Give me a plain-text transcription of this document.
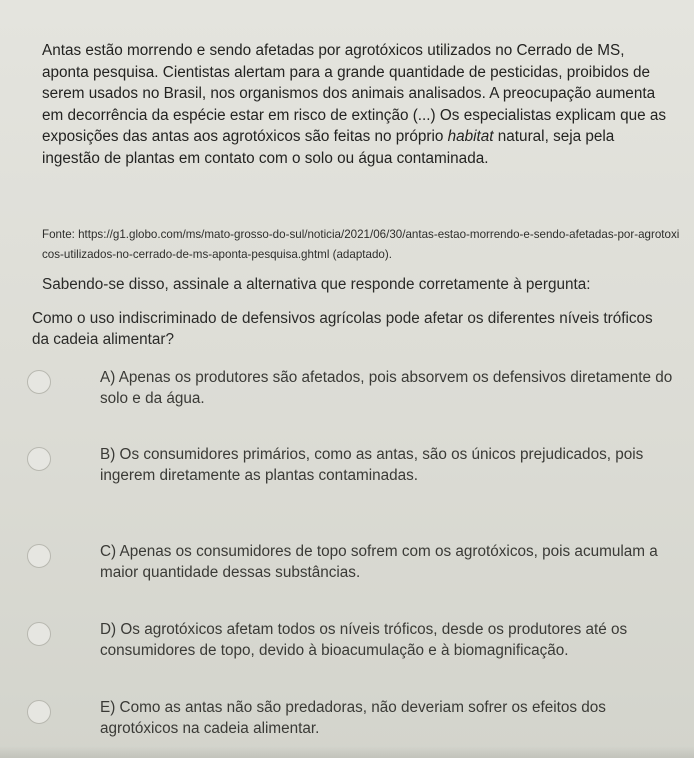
Antas estão morrendo e sendo afetadas por agrotóxicos utilizados no Cerrado de MS, aponta pesquisa. Cientistas alertam para a grande quantidade de pesticidas, proibidos de serem usados no Brasil, nos organismos dos animais analisados. A preocupação aumenta em decorrência da espécie estar em risco de extinção (...) Os especialistas explicam que as exposições das antas aos agrotóxicos são feitas no próprio habitat natural, seja pela ingestão de plantas em contato com o solo ou água contaminada.
Fonte: https://g1.globo.com/ms/mato-grosso-do-sul/noticia/2021/06/30/antas-estao-morrendo-e-sendo-afetadas-por-agrotoxicos-utilizados-no-cerrado-de-ms-aponta-pesquisa.ghtml (adaptado).
Sabendo-se disso, assinale a alternativa que responde corretamente à pergunta:
Como o uso indiscriminado de defensivos agrícolas pode afetar os diferentes níveis tróficos da cadeia alimentar?
A) Apenas os produtores são afetados, pois absorvem os defensivos diretamente do solo e da água.
B) Os consumidores primários, como as antas, são os únicos prejudicados, pois ingerem diretamente as plantas contaminadas.
C) Apenas os consumidores de topo sofrem com os agrotóxicos, pois acumulam a maior quantidade dessas substâncias.
D) Os agrotóxicos afetam todos os níveis tróficos, desde os produtores até os consumidores de topo, devido à bioacumulação e à biomagnificação.
E) Como as antas não são predadoras, não deveriam sofrer os efeitos dos agrotóxicos na cadeia alimentar.
